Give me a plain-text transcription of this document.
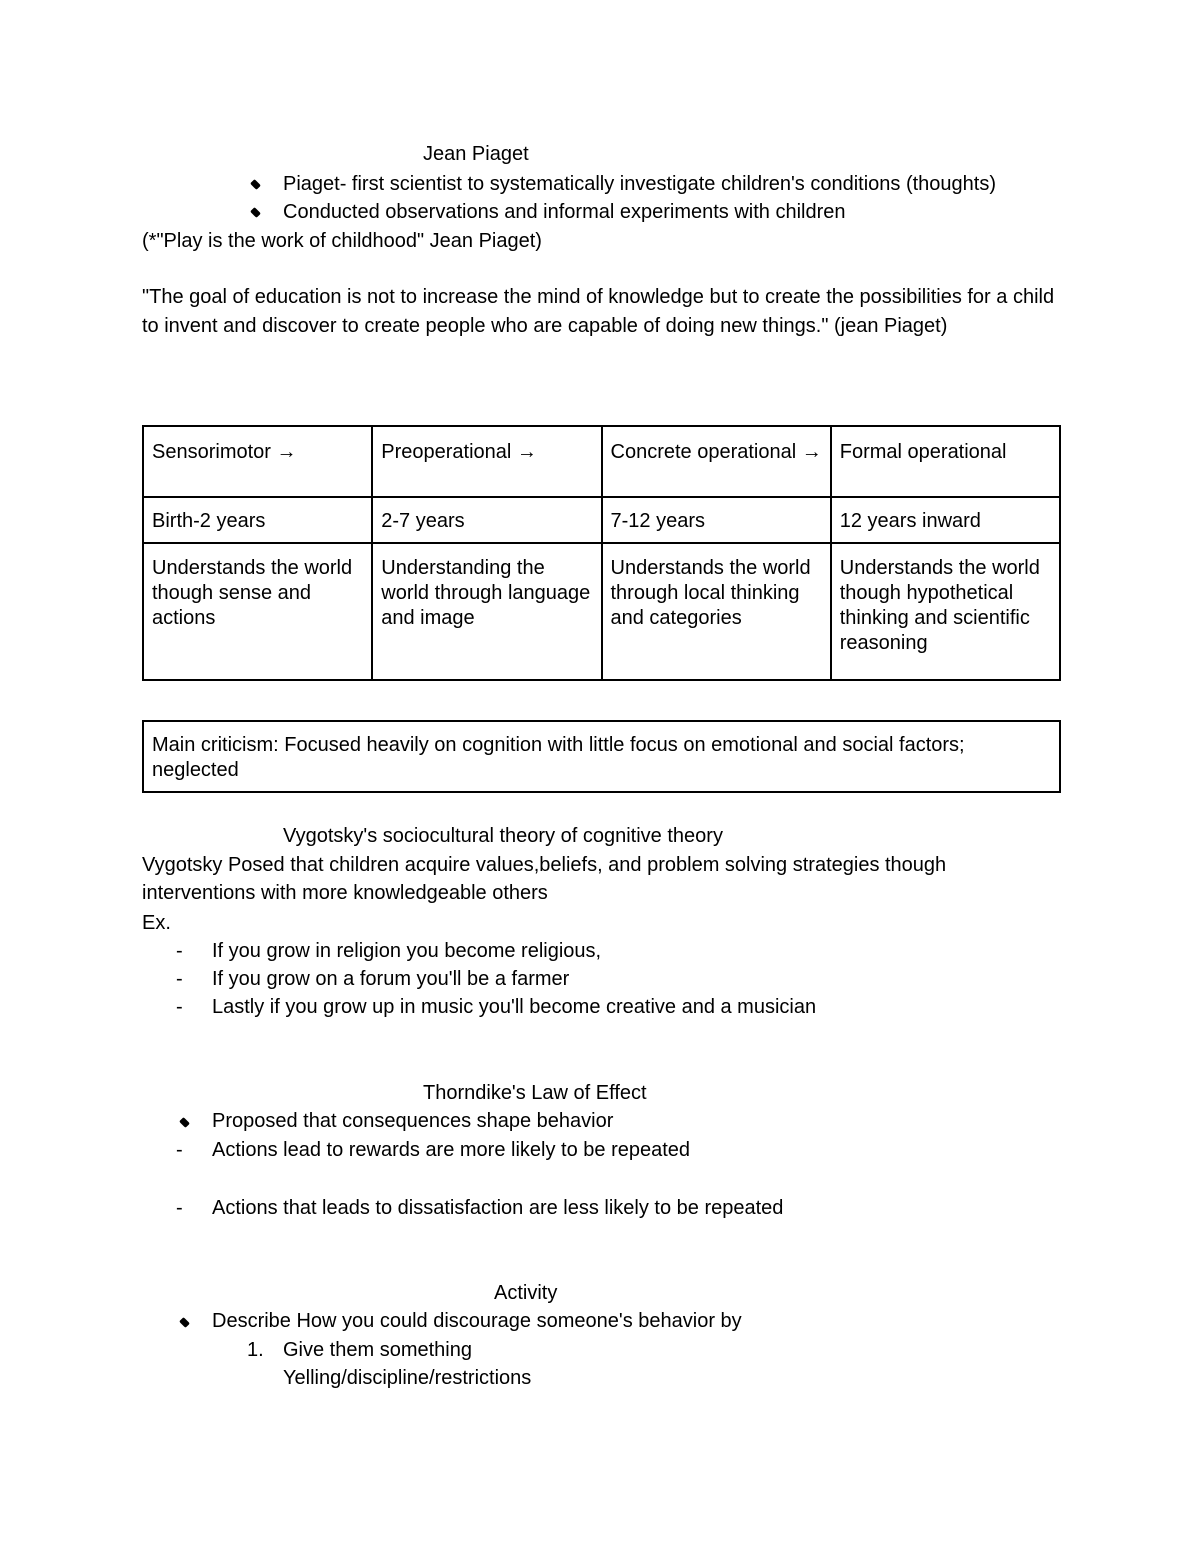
Jean Piaget
Piaget- first scientist to systematically investigate children's conditions (thoughts)
Conducted observations and informal experiments with children
(*"Play is the work of childhood" Jean Piaget)
"The goal of education is not to increase the mind of knowledge but to create the possibilities for a child to invent and discover to create people who are capable of doing new things." (jean Piaget)
Sensorimotor →	Preoperational →	Concrete operational →	Formal operational
Birth-2 years	2-7 years	7-12 years	12 years inward
Understands the world though sense and actions	Understanding the world through language and image	Understands the world through local thinking and categories	Understands the world though hypothetical thinking and scientific reasoning
Main criticism: Focused heavily on cognition with little focus on emotional and social factors; neglected
Vygotsky's sociocultural theory of cognitive theory
Vygotsky Posed that children acquire values,beliefs, and problem solving strategies though interventions with more knowledgeable others
Ex.
- If you grow in religion you become religious,
- If you grow on a forum you'll be a farmer
- Lastly if you grow up in music you'll become creative and a musician
Thorndike's Law of Effect
Proposed that consequences shape behavior
- Actions lead to rewards are more likely to be repeated
- Actions that leads to dissatisfaction are less likely to be repeated
Activity
Describe How you could discourage someone's behavior by
1. Give them something
Yelling/discipline/restrictions
